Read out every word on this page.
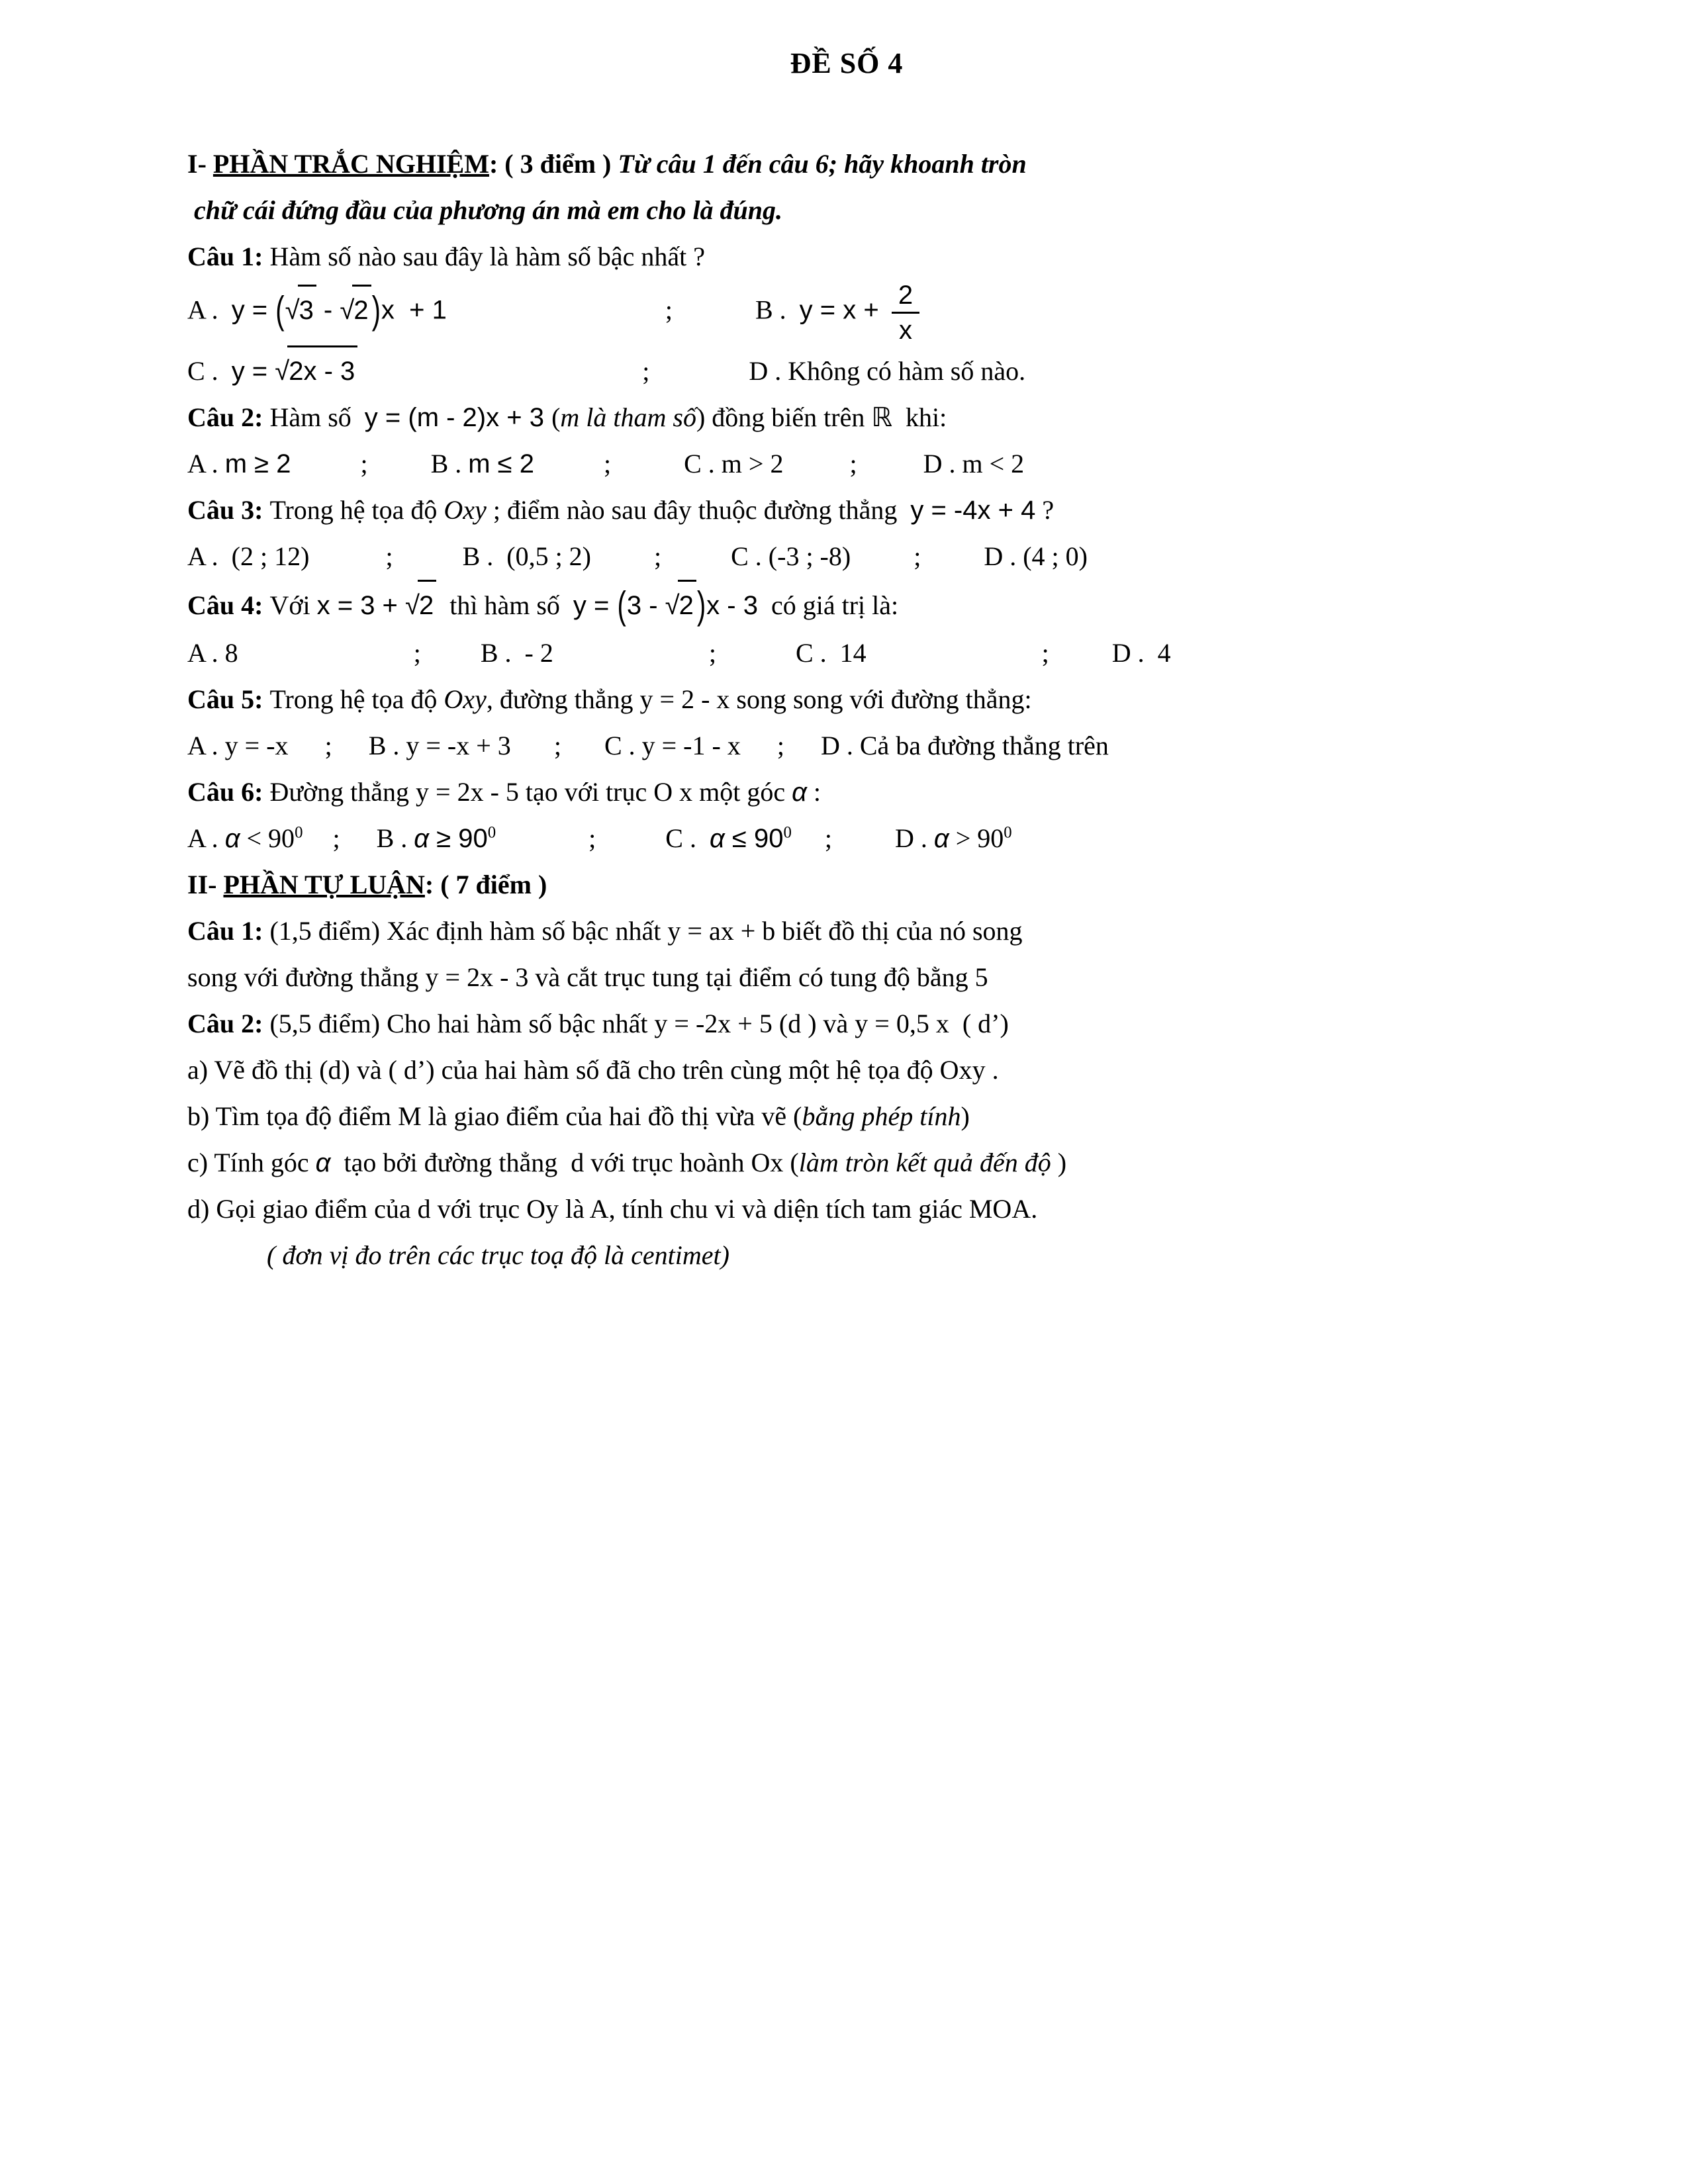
ĐỀ SỐ 4
I- PHẦN TRẮC NGHIỆM: ( 3 điểm ) Từ câu 1 đến câu 6; hãy khoanh tròn
chữ cái đứng đầu của phương án mà em cho là đúng.
Câu 1: Hàm số nào sau đây là hàm số bậc nhất ?
A .  y = (√3 - √2 )x  + 1	;	B .  $y = x + \frac{2}{x}$
C .  y = √2x - 3	;	D . Không có hàm số nào.
Câu 2: Hàm số  y = (m - 2)x + 3 (m là tham số) đồng biến trên ℝ  khi:
A . m ≥ 2	; B . m ≤ 2	;	C . m > 2	;	D . m < 2
Câu 3: Trong hệ tọa độ Oxy ; điểm nào sau đây thuộc đường thẳng  y = -4x + 4 ?
A .  (2 ; 12)	;	B .  (0,5 ; 2) ;	C . (-3 ; -8) ; D . (4 ; 0)
Câu 4: Với x = 3 + √2  thì hàm số  y = (3 - √2 )x - 3  có giá trị là:
A . 8	; B .  - 2	;	C .  14	; D .  4
Câu 5: Trong hệ tọa độ Oxy, đường thẳng y = 2 - x song song với đường thẳng:
A . y = -x ; B . y = -x + 3 ; C . y = -1 - x ; D . Cả ba đường thẳng trên
Câu 6: Đường thẳng y = 2x - 5 tạo với trục O x một góc α :
A . $\alpha < 90^0$ ; B . $\alpha \ge 90^0$	;	C .  $\alpha \le 90^0$ ; D . $\alpha > 90^0$
II- PHẦN TỰ LUẬN: ( 7 điểm )
Câu 1: (1,5 điểm) Xác định hàm số bậc nhất y = ax + b biết đồ thị của nó song
song với đường thẳng y = 2x - 3 và cắt trục tung tại điểm có tung độ bằng 5
Câu 2: (5,5 điểm) Cho hai hàm số bậc nhất y = -2x + 5 (d ) và y = 0,5 x  ( d’)
a) Vẽ đồ thị (d) và ( d’) của hai hàm số đã cho trên cùng một hệ tọa độ Oxy .
b) Tìm tọa độ điểm M là giao điểm của hai đồ thị vừa vẽ (bằng phép tính)
c) Tính góc α  tạo bởi đường thẳng  d với trục hoành Ox (làm tròn kết quả đến độ )
d) Gọi giao điểm của d với trục Oy là A, tính chu vi và diện tích tam giác MOA.
( đơn vị đo trên các trục toạ độ là centimet)
